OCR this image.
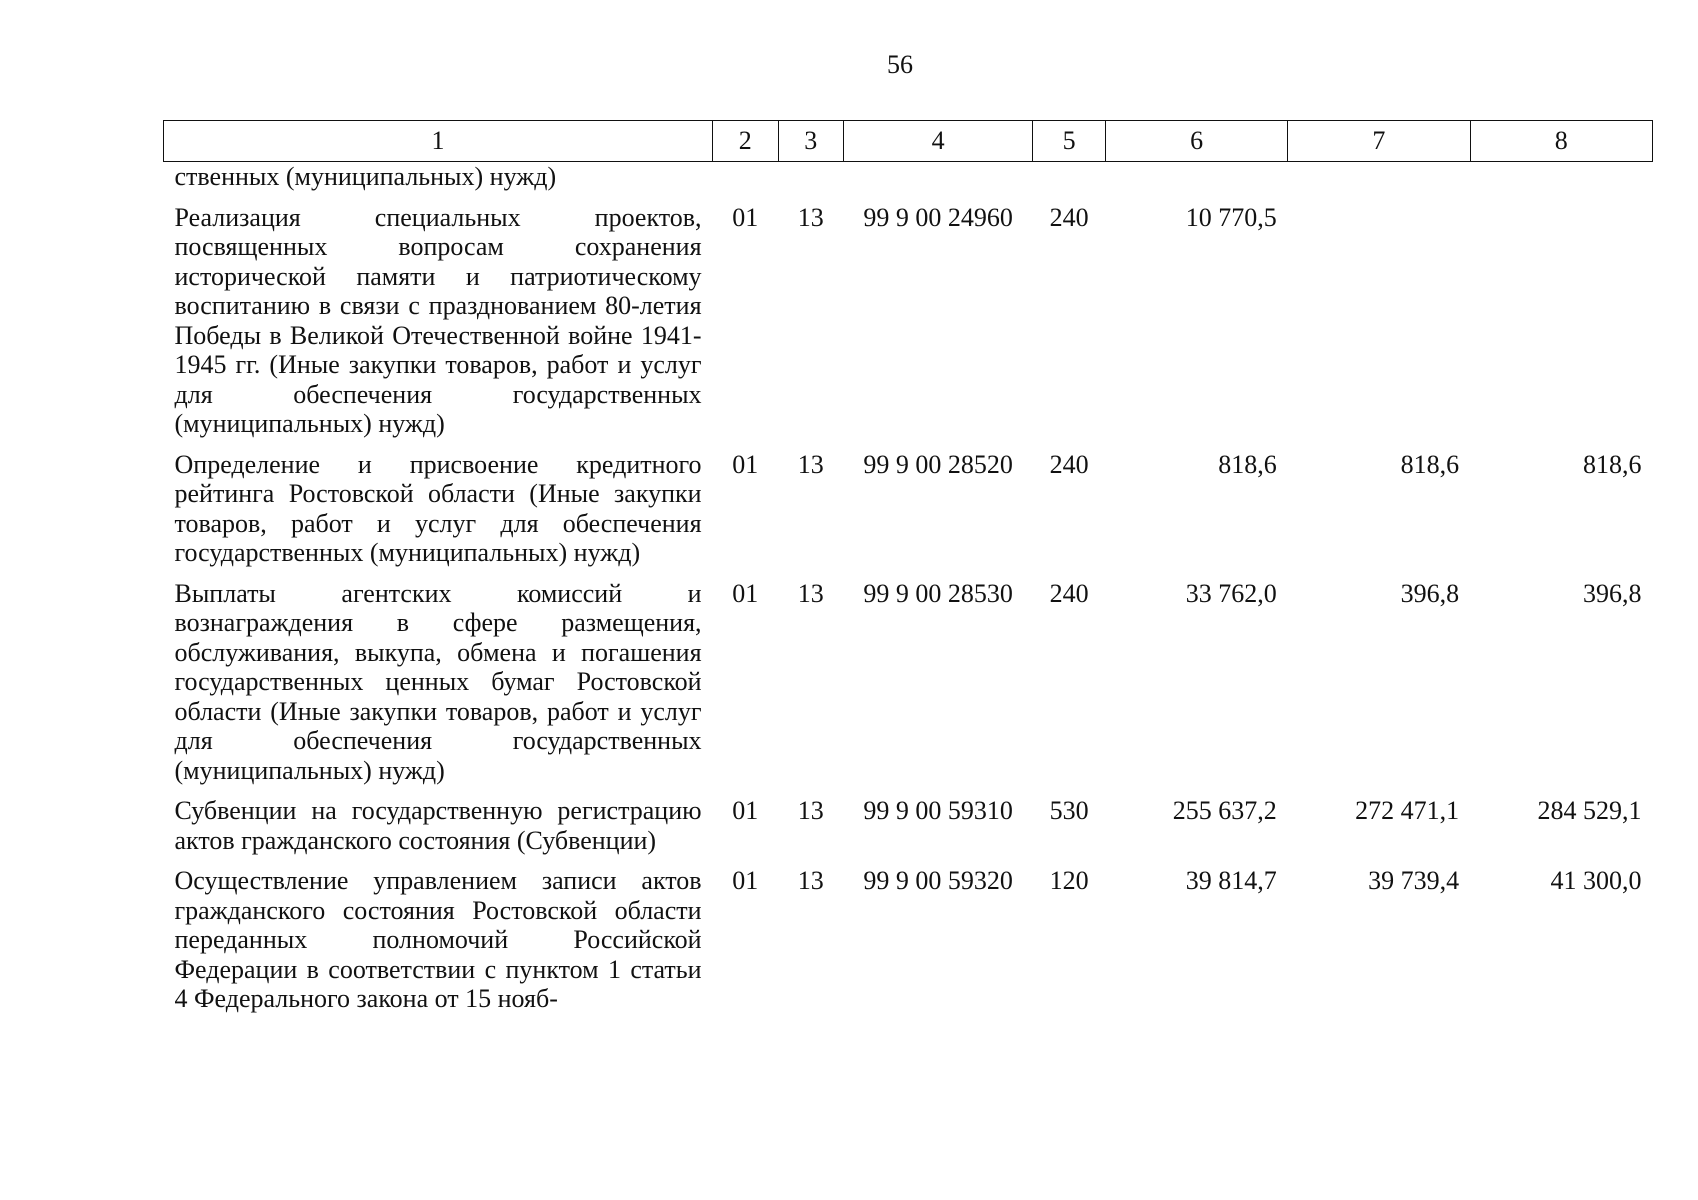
56
1	2	3	4	5	6	7	8
ственных (муниципальных) нужд)							
Реализация специальных проектов, посвященных вопросам сохранения исторической памяти и патриотическому воспитанию в связи с празднованием 80-летия Победы в Великой Отечественной войне 1941-1945 гг. (Иные закупки товаров, работ и услуг для обеспечения государственных (муниципальных) нужд)	01	13	99 9 00 24960	240	10 770,5		
Определение и присвоение кредитного рейтинга Ростовской области (Иные закупки товаров, работ и услуг для обеспечения государственных (муниципальных) нужд)	01	13	99 9 00 28520	240	818,6	818,6	818,6
Выплаты агентских комиссий и вознаграждения в сфере размещения, обслуживания, выкупа, обмена и погашения государственных ценных бумаг Ростовской области (Иные закупки товаров, работ и услуг для обеспечения государственных (муниципальных) нужд)	01	13	99 9 00 28530	240	33 762,0	396,8	396,8
Субвенции на государственную регистрацию актов гражданского состояния (Субвенции)	01	13	99 9 00 59310	530	255 637,2	272 471,1	284 529,1
Осуществление управлением записи актов гражданского состояния Ростовской области переданных полномочий Российской Федерации в соответствии с пунктом 1 статьи 4 Федерального закона от 15 нояб-	01	13	99 9 00 59320	120	39 814,7	39 739,4	41 300,0
